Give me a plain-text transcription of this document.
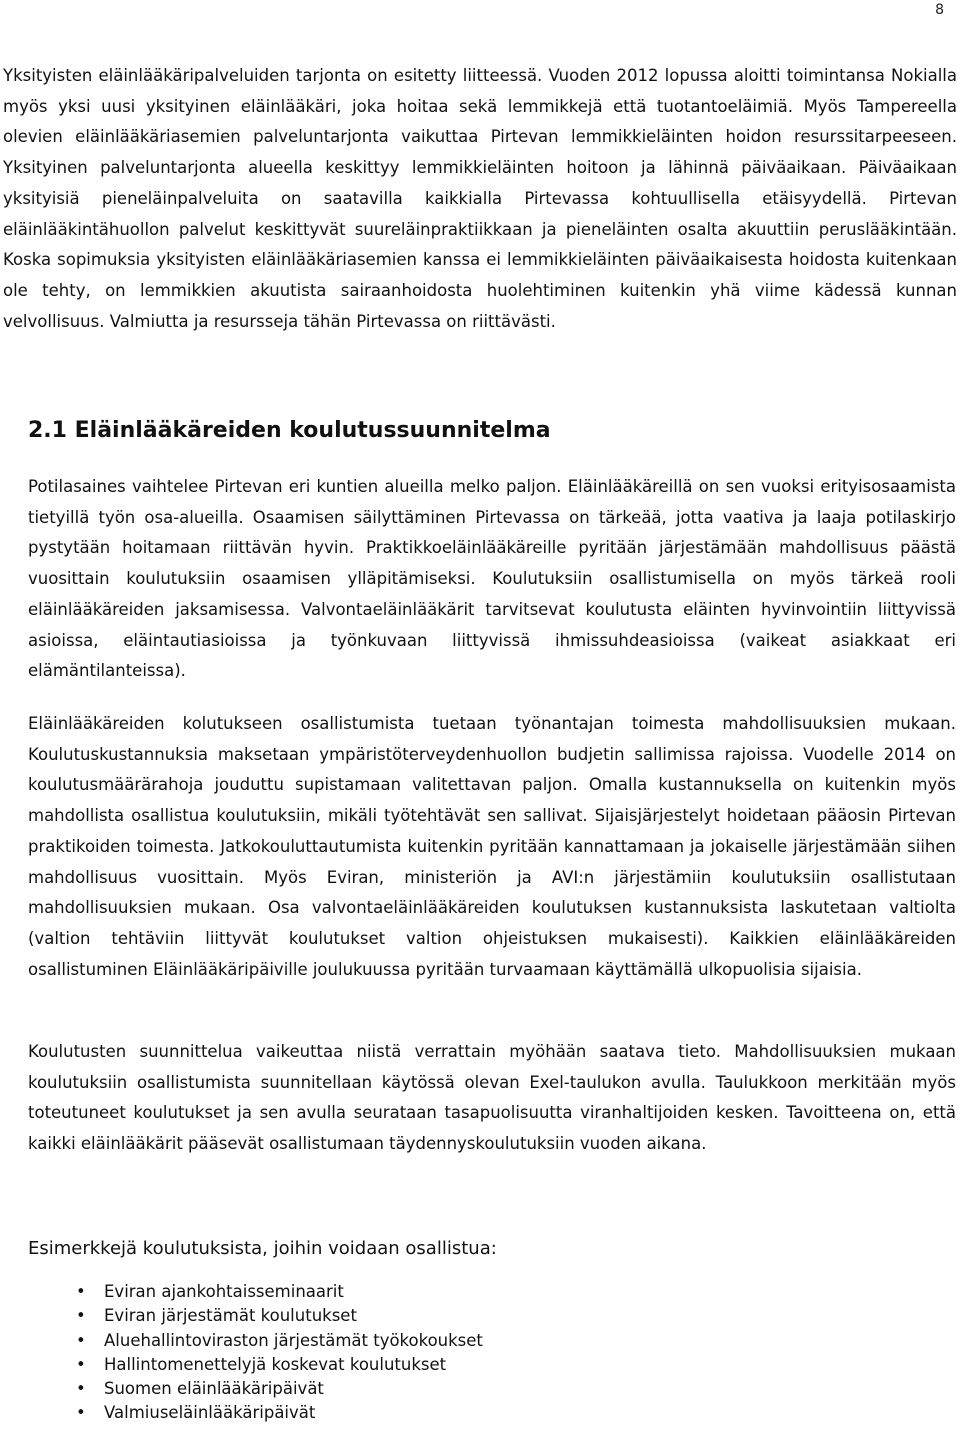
8

Yksityisten eläinlääkäripalveluiden tarjonta on esitetty liitteessä. Vuoden 2012 lopussa aloitti toimintansa Nokialla myös yksi uusi yksityinen eläinlääkäri, joka hoitaa sekä lemmikkejä että tuotantoeläimiä. Myös Tampereella olevien eläinlääkäriasemien palveluntarjonta vaikuttaa Pirtevan lemmikkieläinten hoidon resurssitarpeeseen. Yksityinen palveluntarjonta alueella keskittyy lemmikkieläinten hoitoon ja lähinnä päiväaikaan. Päiväaikaan yksityisiä pieneläinpalveluita on saatavilla kaikkialla Pirtevassa kohtuullisella etäisyydellä. Pirtevan eläinlääkintähuollon palvelut keskittyvät suureläinpraktiikkaan ja pieneläinten osalta akuuttiin peruslääkintään. Koska sopimuksia yksityisten eläinlääkäriasemien kanssa ei lemmikkieläinten päiväaikaisesta hoidosta kuitenkaan ole tehty, on lemmikkien akuutista sairaanhoidosta huolehtiminen kuitenkin yhä viime kädessä kunnan velvollisuus. Valmiutta ja resursseja tähän Pirtevassa on riittävästi.

2.1 Eläinlääkäreiden koulutussuunnitelma

Potilasaines vaihtelee Pirtevan eri kuntien alueilla melko paljon. Eläinlääkäreillä on sen vuoksi erityisosaamista tietyillä työn osa-alueilla. Osaamisen säilyttäminen Pirtevassa on tärkeää, jotta vaativa ja laaja potilaskirjo pystytään hoitamaan riittävän hyvin. Praktikkoeläinlääkäreille pyritään järjestämään mahdollisuus päästä vuosittain koulutuksiin osaamisen ylläpitämiseksi. Koulutuksiin osallistumisella on myös tärkeä rooli eläinlääkäreiden jaksamisessa. Valvontaeläinlääkärit tarvitsevat koulutusta eläinten hyvinvointiin liittyvissä asioissa, eläintautiasioissa ja työnkuvaan liittyvissä ihmissuhdeasioissa (vaikeat asiakkaat eri elämäntilanteissa).

Eläinlääkäreiden kolutukseen osallistumista tuetaan työnantajan toimesta mahdollisuuksien mukaan. Koulutuskustannuksia maksetaan ympäristöterveydenhuollon budjetin sallimissa rajoissa. Vuodelle 2014 on koulutusmäärärahoja jouduttu supistamaan valitettavan paljon. Omalla kustannuksella on kuitenkin myös mahdollista osallistua koulutuksiin, mikäli työtehtävät sen sallivat. Sijaisjärjestelyt hoidetaan pääosin Pirtevan praktikoiden toimesta. Jatkokouluttautumista kuitenkin pyritään kannattamaan ja jokaiselle järjestämään siihen mahdollisuus vuosittain. Myös Eviran, ministeriön ja AVI:n järjestämiin koulutuksiin osallistutaan mahdollisuuksien mukaan. Osa valvontaeläinlääkäreiden koulutuksen kustannuksista laskutetaan valtiolta (valtion tehtäviin liittyvät koulutukset valtion ohjeistuksen mukaisesti). Kaikkien eläinlääkäreiden osallistuminen Eläinlääkäripäiville joulukuussa pyritään turvaamaan käyttämällä ulkopuolisia sijaisia.

Koulutusten suunnittelua vaikeuttaa niistä verrattain myöhään saatava tieto. Mahdollisuuksien mukaan koulutuksiin osallistumista suunnitellaan käytössä olevan Exel-taulukon avulla. Taulukkoon merkitään myös toteutuneet koulutukset ja sen avulla seurataan tasapuolisuutta viranhaltijoiden kesken. Tavoitteena on, että kaikki eläinlääkärit pääsevät osallistumaan täydennyskoulutuksiin vuoden aikana.

Esimerkkejä koulutuksista, joihin voidaan osallistua:

• Eviran ajankohtaisseminaarit
• Eviran järjestämät koulutukset
• Aluehallintoviraston järjestämät työkokoukset
• Hallintomenettelyjä koskevat koulutukset
• Suomen eläinlääkäripäivät
• Valmiuseläinlääkäripäivät
